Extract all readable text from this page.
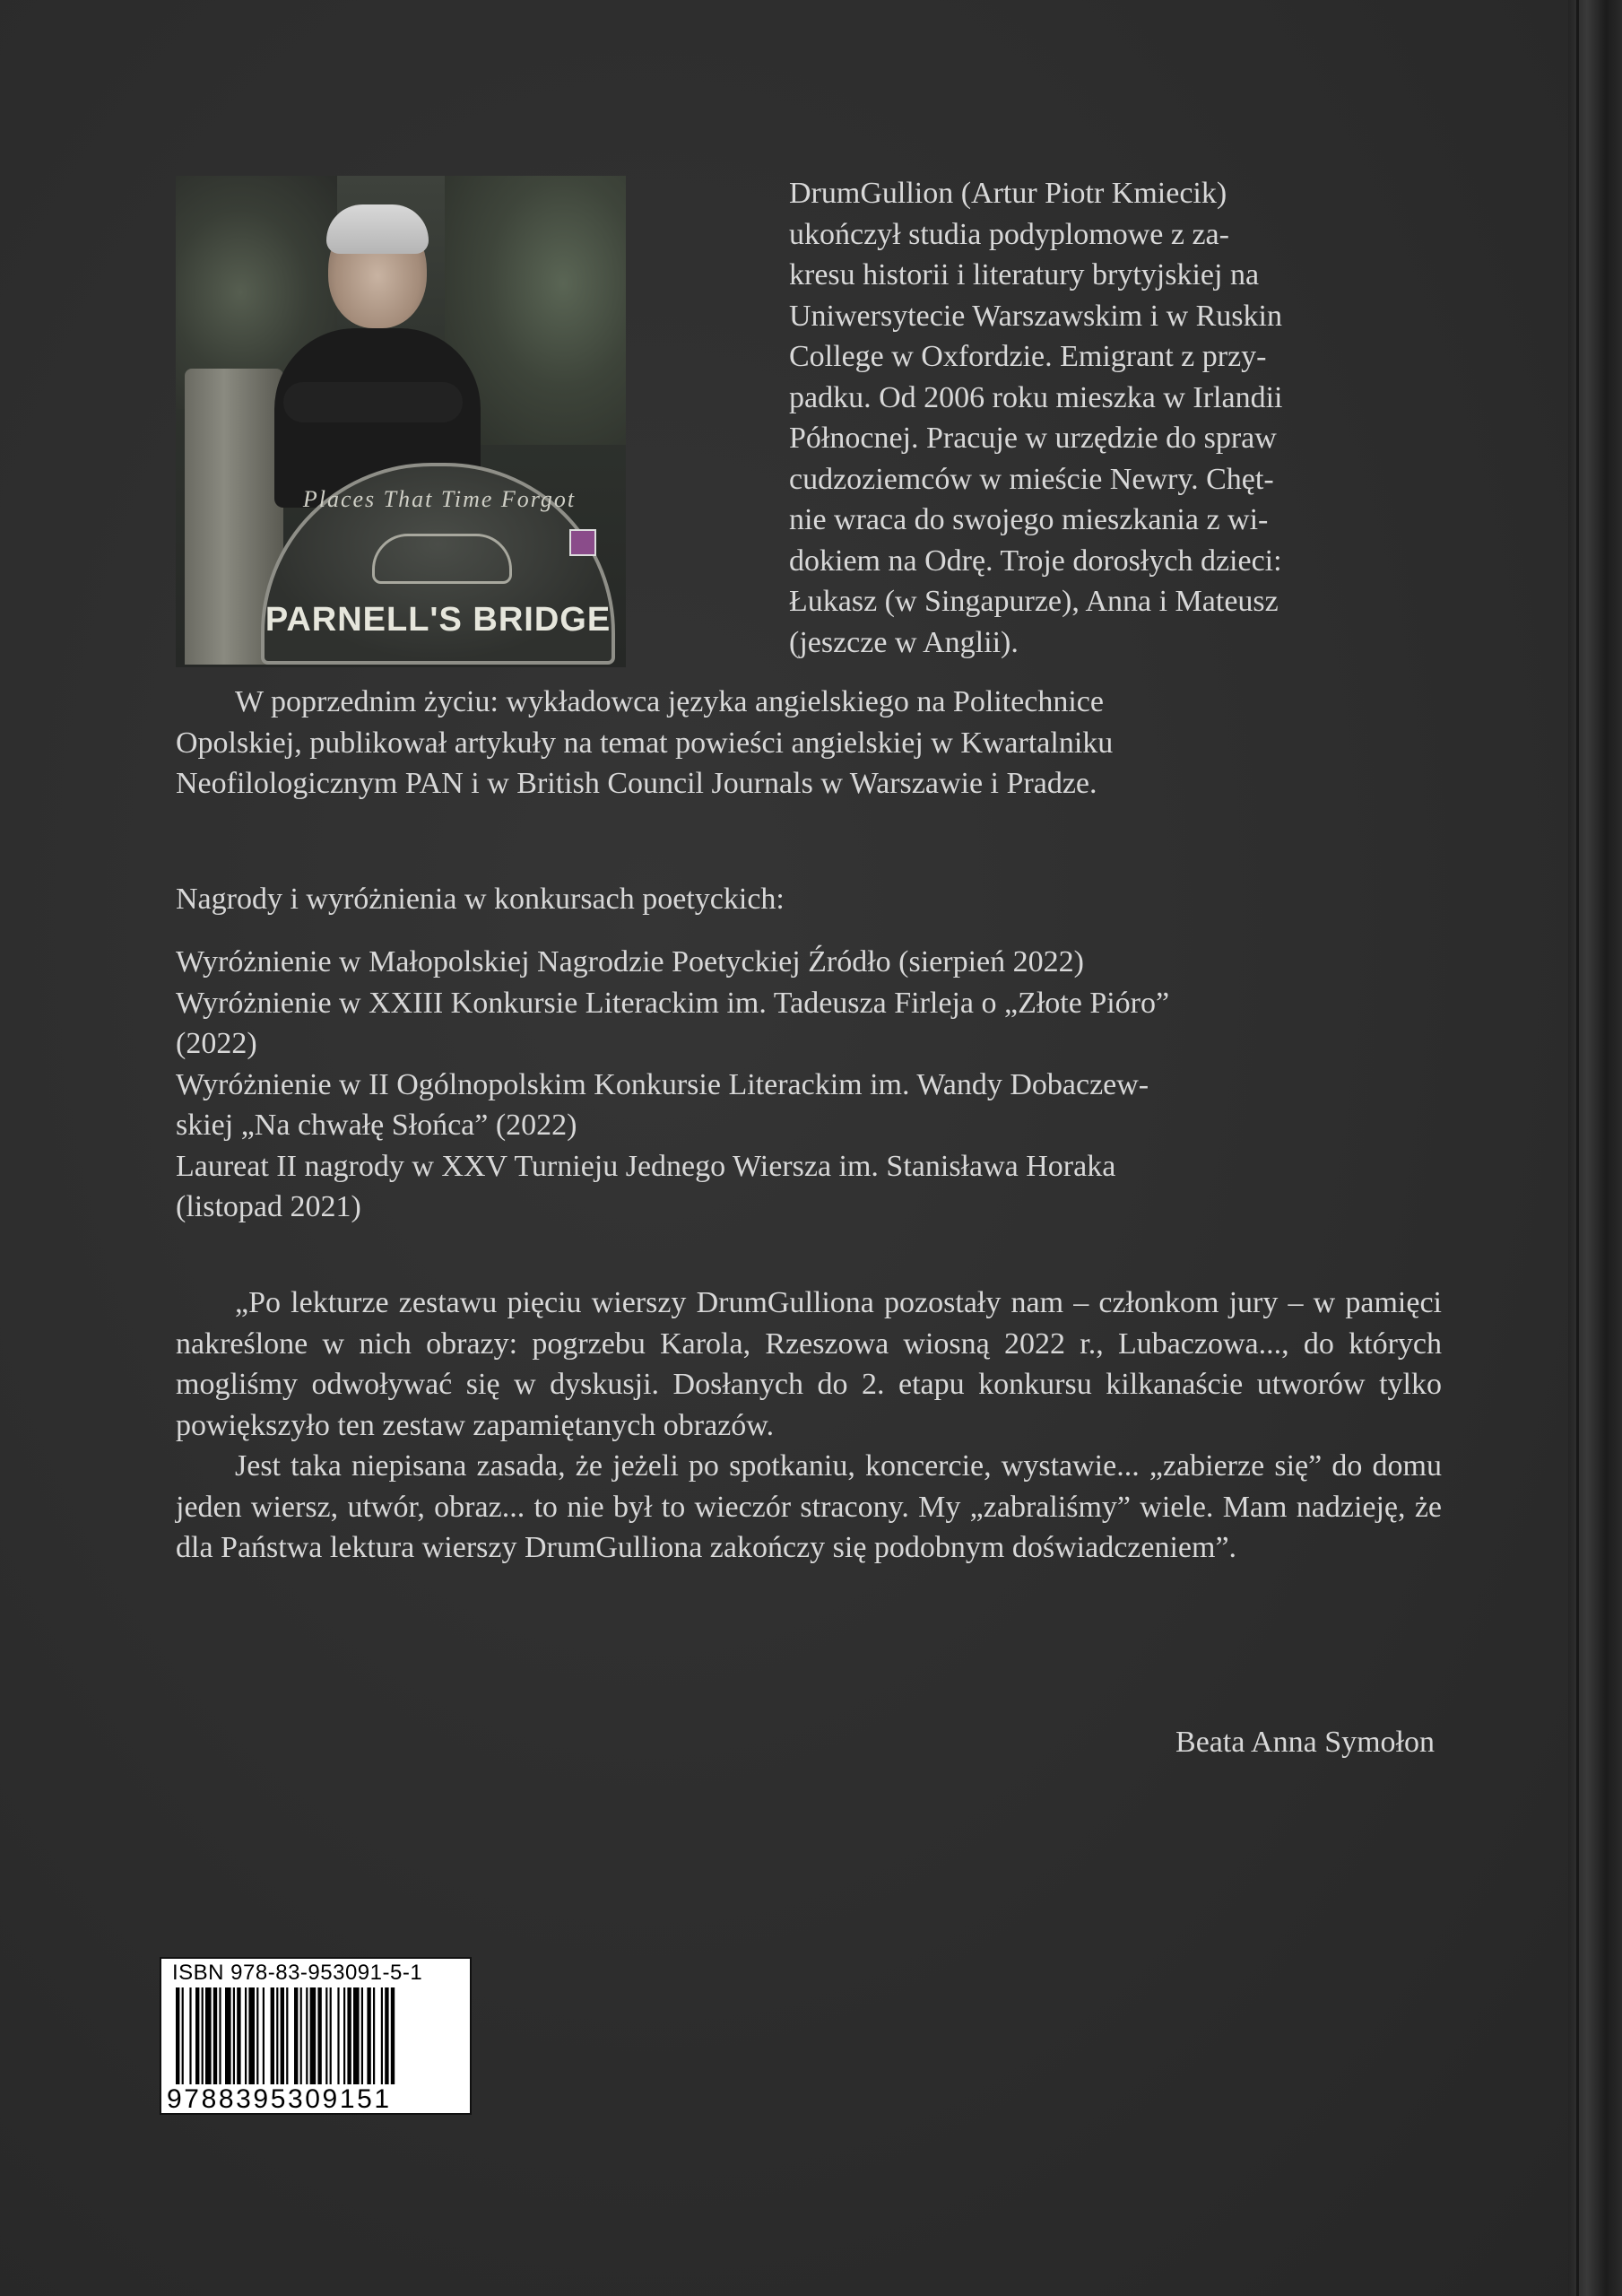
Places That Time Forgot
PARNELL'S BRIDGE
DrumGullion (Artur Piotr Kmiecik)
ukończył studia podyplomowe z za-
kresu historii i literatury brytyjskiej na
Uniwersytecie Warszawskim i w Ruskin
College w Oxfordzie. Emigrant z przy-
padku. Od 2006 roku mieszka w Irlandii
Północnej. Pracuje w urzędzie do spraw
cudzoziemców w mieście Newry. Chęt-
nie wraca do swojego mieszkania z wi-
dokiem na Odrę. Troje dorosłych dzieci:
Łukasz (w Singapurze), Anna i Mateusz
(jeszcze w Anglii).
W poprzednim życiu: wykładowca języka angielskiego na Politechnice
Opolskiej, publikował artykuły na temat powieści angielskiej w Kwartalniku
Neofilologicznym PAN i w British Council Journals w Warszawie i Pradze.
Nagrody i wyróżnienia w konkursach poetyckich:
Wyróżnienie w Małopolskiej Nagrodzie Poetyckiej Źródło (sierpień 2022)
Wyróżnienie w XXIII Konkursie Literackim im. Tadeusza Firleja o „Złote Pióro”
(2022)
Wyróżnienie w II Ogólnopolskim Konkursie Literackim im. Wandy Dobaczew-
skiej „Na chwałę Słońca” (2022)
Laureat II nagrody w XXV Turnieju Jednego Wiersza im. Stanisława Horaka
(listopad 2021)

„Po lekturze zestawu pięciu wierszy DrumGulliona pozostały nam – członkom jury – w pamięci nakreślone w nich obrazy: pogrzebu Karola, Rzeszowa wiosną 2022 r., Lubaczowa..., do których mogliśmy odwoływać się w dyskusji. Dosłanych do 2. etapu konkursu kilkanaście utworów tylko powiększyło ten zestaw zapamiętanych obrazów.

Jest taka niepisana zasada, że jeżeli po spotkaniu, koncercie, wystawie... „zabierze się” do domu jeden wiersz, utwór, obraz... to nie był to wieczór stracony. My „zabraliśmy” wiele. Mam nadzieję, że dla Państwa lektura wierszy DrumGulliona zakończy się podobnym doświadczeniem”.

Beata Anna Symołon
ISBN 978-83-953091-5-1
9788395309151
